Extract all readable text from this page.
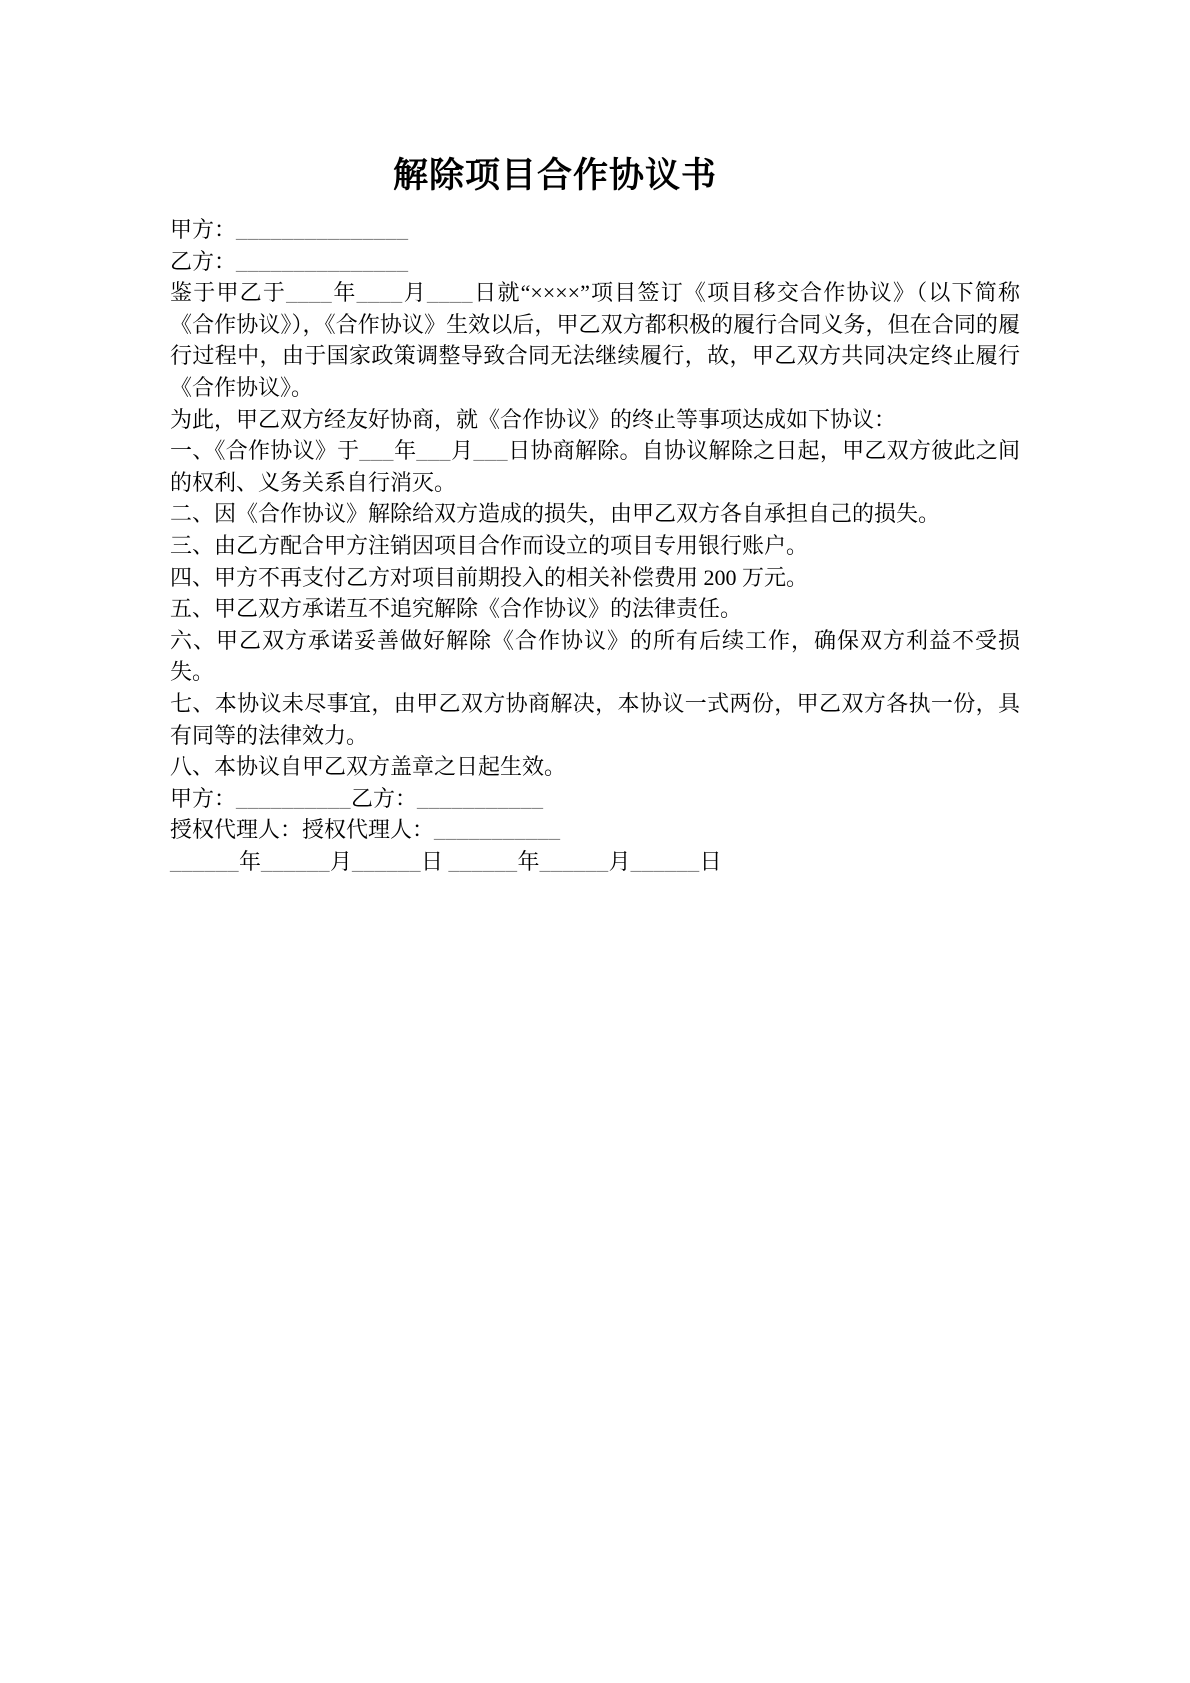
解除项目合作协议书

甲方：_______________

乙方：_______________

鉴于甲乙于____年____月____日就“××××”项目签订《项目移交合作协议》（以下简称《合作协议》），《合作协议》生效以后，甲乙双方都积极的履行合同义务，但在合同的履行过程中，由于国家政策调整导致合同无法继续履行，故，甲乙双方共同决定终止履行《合作协议》。

为此，甲乙双方经友好协商，就《合作协议》的终止等事项达成如下协议：

一、《合作协议》于___年___月___日协商解除。自协议解除之日起，甲乙双方彼此之间的权利、义务关系自行消灭。

二、因《合作协议》解除给双方造成的损失，由甲乙双方各自承担自己的损失。

三、由乙方配合甲方注销因项目合作而设立的项目专用银行账户。

四、甲方不再支付乙方对项目前期投入的相关补偿费用 200 万元。

五、甲乙双方承诺互不追究解除《合作协议》的法律责任。

六、甲乙双方承诺妥善做好解除《合作协议》的所有后续工作，确保双方利益不受损失。

七、本协议未尽事宜，由甲乙双方协商解决，本协议一式两份，甲乙双方各执一份，具有同等的法律效力。

八、本协议自甲乙双方盖章之日起生效。

甲方：__________乙方：___________

授权代理人：授权代理人：___________

______年______月______日 ______年______月______日
